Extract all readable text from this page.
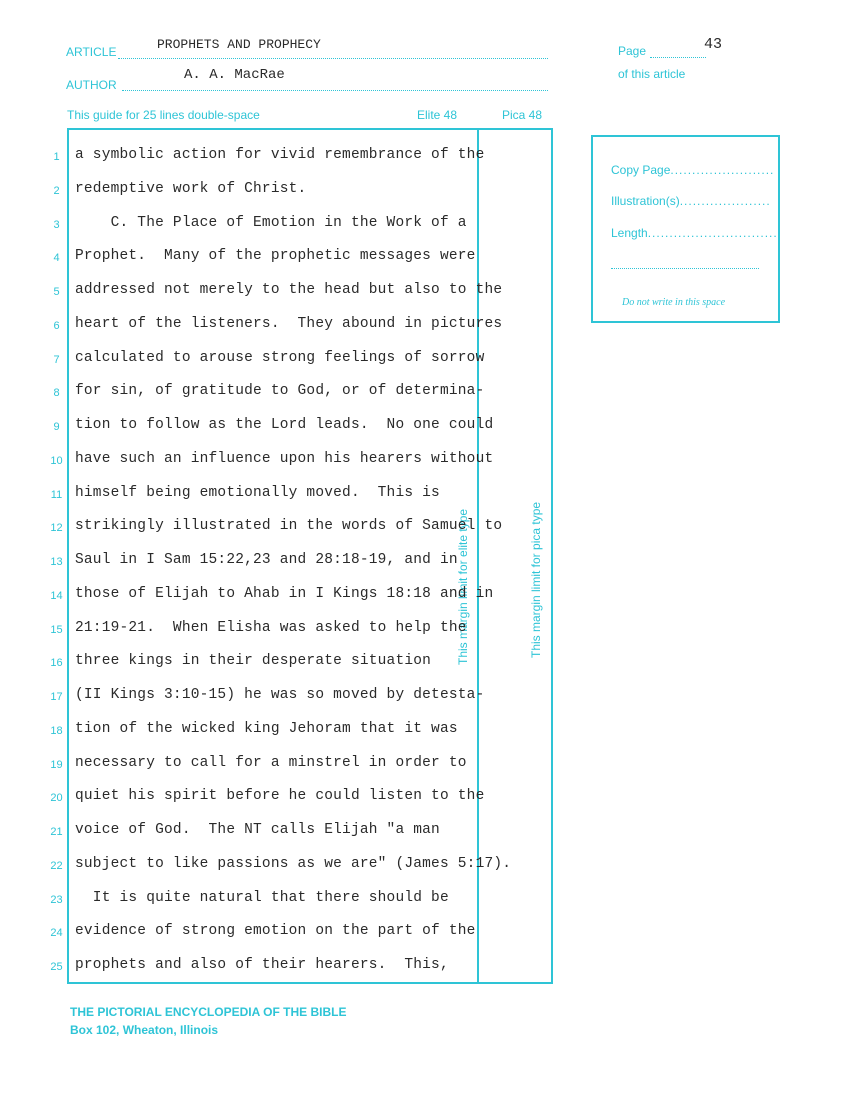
ARTICLE	PROPHETS AND PROPHECY
AUTHOR
A. A. MacRae
Page	43
of this article
This guide for 25 lines double-space	Elite 48	Pica 48
This margin limit for elite type	This margin limit for pica type
1	a symbolic action for vivid remembrance of the
2	redemptive work of Christ.
3	C. The Place of Emotion in the Work of a
4	Prophet.  Many of the prophetic messages were
5	addressed not merely to the head but also to the
6	heart of the listeners.  They abound in pictures
7	calculated to arouse strong feelings of sorrow
8	for sin, of gratitude to God, or of determina-
9	tion to follow as the Lord leads.  No one could
10 have such an influence upon his hearers without
11 himself being emotionally moved.  This is
12 strikingly illustrated in the words of Samuel to
13 Saul in I Sam 15:22,23 and 28:18-19, and in
14 those of Elijah to Ahab in I Kings 18:18 and in
15 21:19-21.  When Elisha was asked to help the
16 three kings in their desperate situation
17 (II Kings 3:10-15) he was so moved by detesta-
18 tion of the wicked king Jehoram that it was
19 necessary to call for a minstrel in order to
20 quiet his spirit before he could listen to the
21 voice of God.  The NT calls Elijah "a man
22 subject to like passions as we are" (James 5:17).
23 It is quite natural that there should be
24 evidence of strong emotion on the part of the
25 prophets and also of their hearers.  This,
Copy Page........................
Illustration(s).....................
Length...............................
Do not write in this space
THE PICTORIAL ENCYCLOPEDIA OF THE BIBLE
Box 102, Wheaton, Illinois
